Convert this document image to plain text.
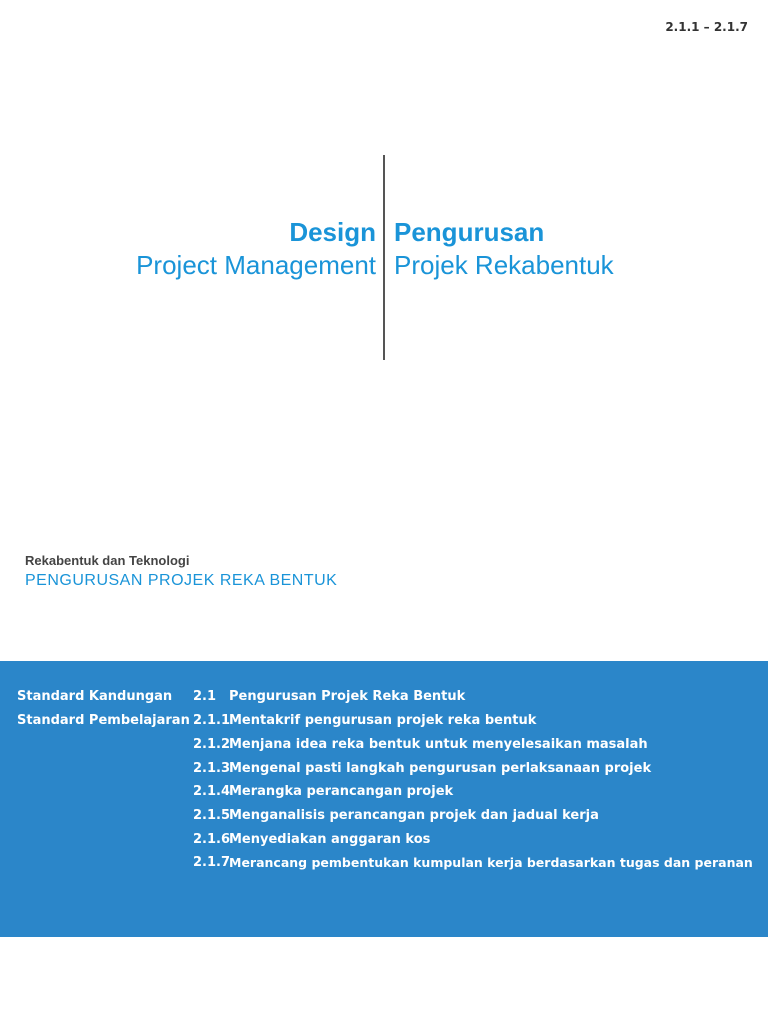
2.1.1 – 2.1.7
Design
Project Management
Pengurusan
Projek Rekabentuk
Rekabentuk dan Teknologi
PENGURUSAN PROJEK REKA BENTUK
Standard Kandungan 2.1 Pengurusan Projek Reka Bentuk
Standard Pembelajaran 2.1.1
Mentakrif pengurusan projek reka bentuk
2.1.2
Menjana idea reka bentuk untuk menyelesaikan masalah
2.1.3
Mengenal pasti langkah pengurusan perlaksanaan projek
2.1.4
Merangka perancangan projek
2.1.5
Menganalisis perancangan projek dan jadual kerja
2.1.6
Menyediakan anggaran kos
2.1.7
Merancang pembentukan kumpulan kerja berdasarkan tugas dan peranan
